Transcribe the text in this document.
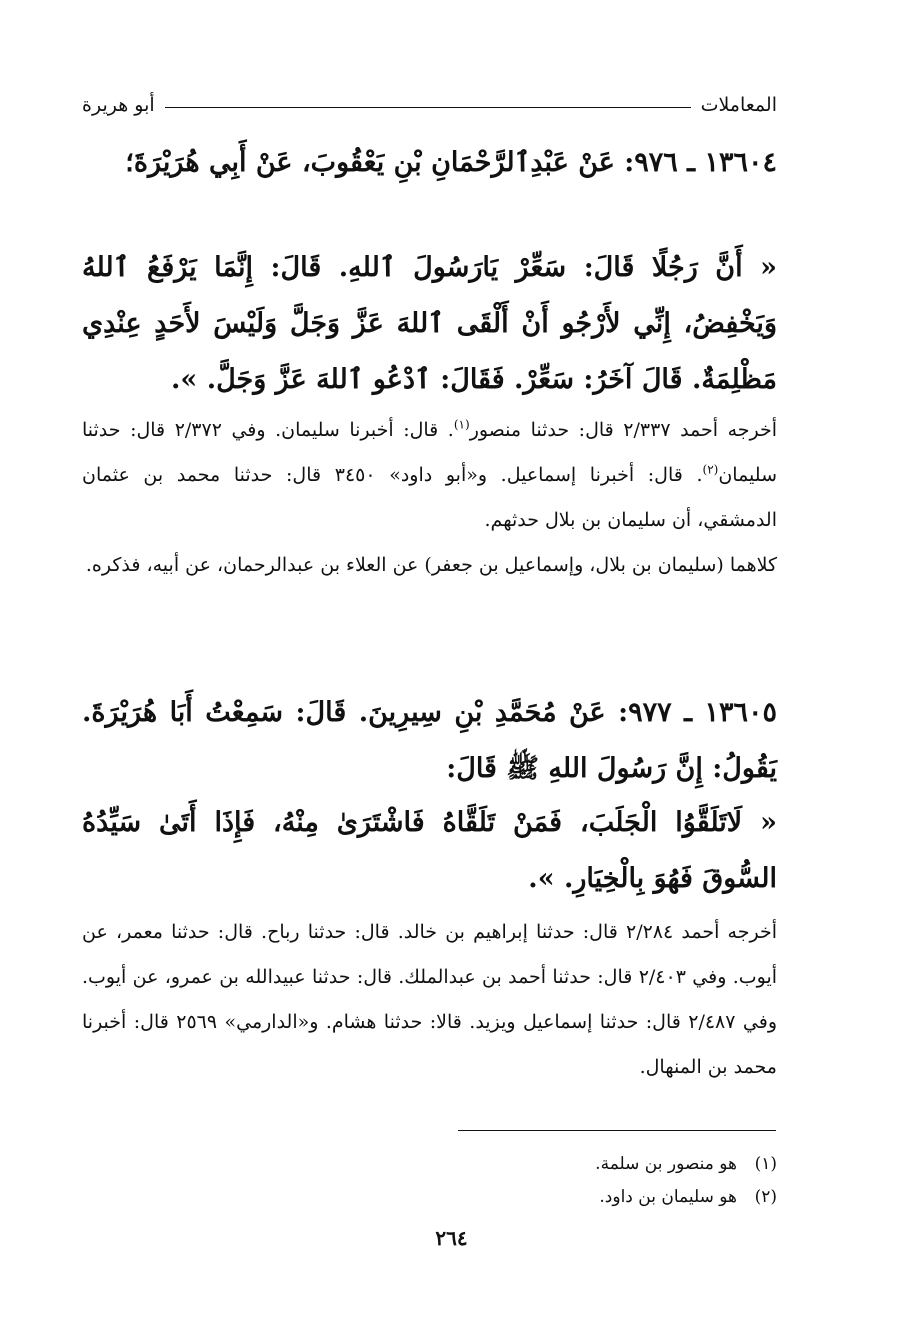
المعاملات
أبو هريرة
١٣٦٠٤ ـ ٩٧٦: عَنْ عَبْدِٱلرَّحْمَانِ بْنِ يَعْقُوبَ، عَنْ أَبِي هُرَيْرَةَ؛
« أَنَّ رَجُلًا قَالَ: سَعِّرْ يَارَسُولَ ٱللهِ. قَالَ: إِنَّمَا يَرْفَعُ ٱللهُ وَيَخْفِضُ، إِنِّي لأَرْجُو أَنْ أَلْقَى ٱللهَ عَزَّ وَجَلَّ وَلَيْسَ لأَحَدٍ عِنْدِي مَظْلِمَةٌ. قَالَ آخَرُ: سَعِّرْ. فَقَالَ: ٱدْعُو ٱللهَ عَزَّ وَجَلَّ. ».

أخرجه أحمد ٢/٣٣٧ قال: حدثنا منصور$^{(١)}$. قال: أخبرنا سليمان. وفي ٢/٣٧٢ قال: حدثنا سليمان$^{(٢)}$. قال: أخبرنا إسماعيل. و«أبو داود» ٣٤٥٠ قال: حدثنا محمد بن عثمان الدمشقي، أن سليمان بن بلال حدثهم.

كلاهما (سليمان بن بلال، وإسماعيل بن جعفر) عن العلاء بن عبدالرحمان، عن أبيه، فذكره.

١٣٦٠٥ ـ ٩٧٧: عَنْ مُحَمَّدِ بْنِ سِيرِينَ. قَالَ: سَمِعْتُ أَبَا هُرَيْرَةَ. يَقُولُ: إِنَّ رَسُولَ اللهِ ﷺ قَالَ:
« لَاتَلَقَّوُا الْجَلَبَ، فَمَنْ تَلَقَّاهُ فَاشْتَرَىٰ مِنْهُ، فَإِذَا أَتَىٰ سَيِّدُهُ السُّوقَ فَهُوَ بِالْخِيَارِ. ».

أخرجه أحمد ٢/٢٨٤ قال: حدثنا إبراهيم بن خالد. قال: حدثنا رباح. قال: حدثنا معمر، عن أيوب. وفي ٢/٤٠٣ قال: حدثنا أحمد بن عبدالملك. قال: حدثنا عبيدالله بن عمرو، عن أيوب. وفي ٢/٤٨٧ قال: حدثنا إسماعيل ويزيد. قالا: حدثنا هشام. و«الدارمي» ٢٥٦٩ قال: أخبرنا محمد بن المنهال.

(١)هو منصور بن سلمة.
(٢)هو سليمان بن داود.
٢٦٤
